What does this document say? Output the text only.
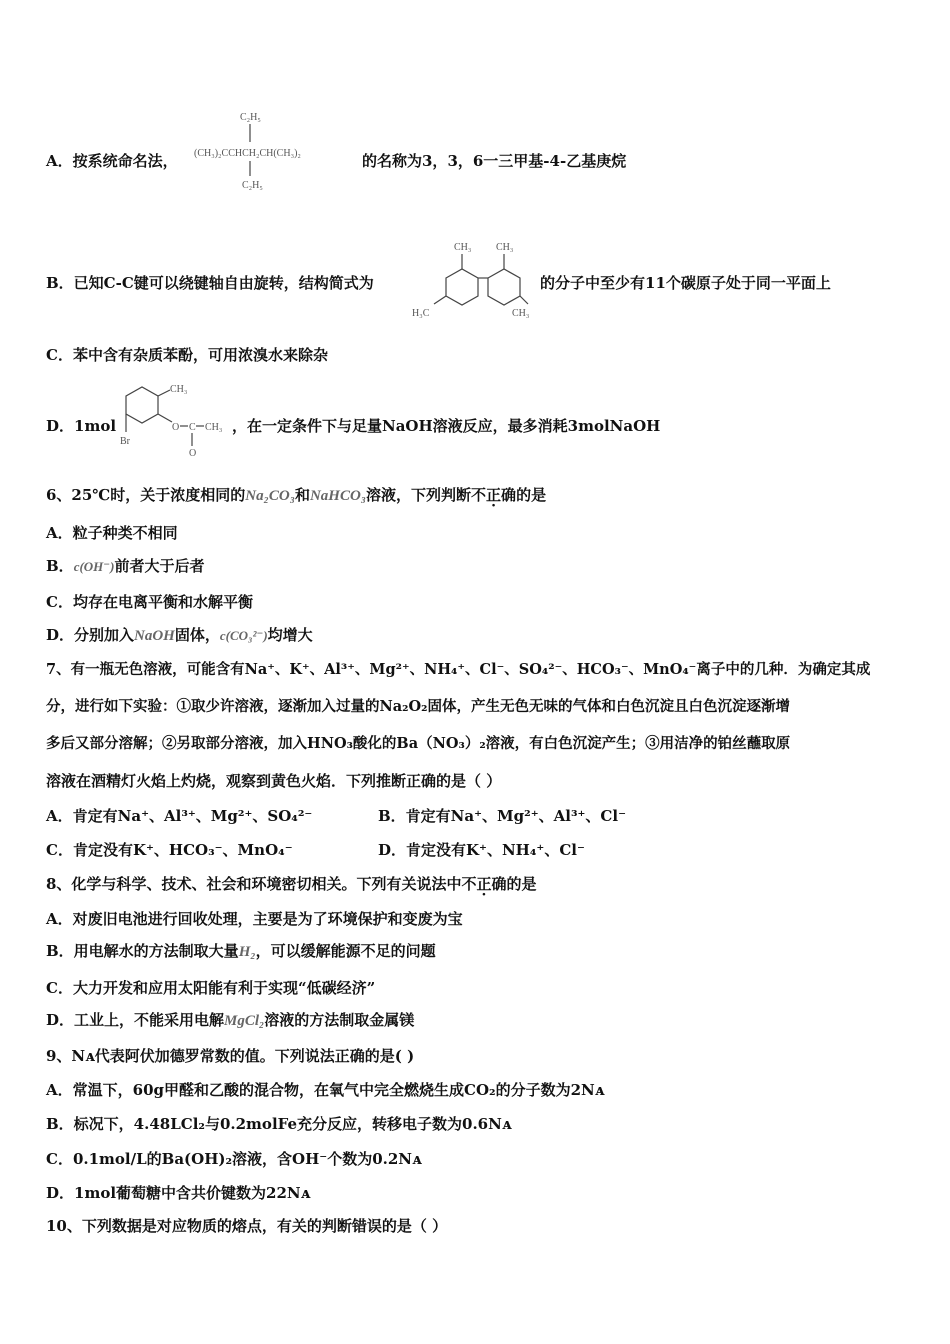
A．按系统命名法，
C₂H₅
(CH₃)₂CCHCH₂CH(CH₃)₂
C₂H₅
的名称为3，3，6一三甲基-4-乙基庚烷
B．已知C-C键可以绕键轴自由旋转，结构简式为
CH₃ CH₃
H₃C	CH₃
的分子中至少有11个碳原子处于同一平面上
C．苯中含有杂质苯酚，可用浓溴水来除杂
D．1mol
CH₃
O C CH₃
O
Br
，在一定条件下与足量NaOH溶液反应，最多消耗3molNaOH
6、25℃时，关于浓度相同的Na₂CO₃和NaHCO₃溶液，下列判断不正确的是
A．粒子种类不相同
B．c(OH⁻)前者大于后者
C．均存在电离平衡和水解平衡
D．分别加入NaOH固体，c(CO₃²⁻)均增大
7、有一瓶无色溶液，可能含有Na⁺、K⁺、Al³⁺、Mg²⁺、NH₄⁺、Cl⁻、SO₄²⁻、HCO₃⁻、MnO₄⁻离子中的几种．为确定其成
分，进行如下实验：①取少许溶液，逐渐加入过量的Na₂O₂固体，产生无色无味的气体和白色沉淀且白色沉淀逐渐增
多后又部分溶解；②另取部分溶液，加入HNO₃酸化的Ba（NO₃）₂溶液，有白色沉淀产生；③用洁净的铂丝蘸取原
溶液在酒精灯火焰上灼烧，观察到黄色火焰．下列推断正确的是（ ）
A．肯定有Na⁺、Al³⁺、Mg²⁺、SO₄²⁻	B．肯定有Na⁺、Mg²⁺、Al³⁺、Cl⁻
C．肯定没有K⁺、HCO₃⁻、MnO₄⁻	D．肯定没有K⁺、NH₄⁺、Cl⁻
8、化学与科学、技术、社会和环境密切相关。下列有关说法中不正确的是
A．对废旧电池进行回收处理，主要是为了环境保护和变废为宝
B．用电解水的方法制取大量H₂，可以缓解能源不足的问题
C．大力开发和应用太阳能有利于实现“低碳经济”
D．工业上，不能采用电解MgCl₂溶液的方法制取金属镁
9、Nᴀ代表阿伏加德罗常数的值。下列说法正确的是( )
A．常温下，60g甲醛和乙酸的混合物，在氧气中完全燃烧生成CO₂的分子数为2Nᴀ
B．标况下，4.48LCl₂与0.2molFe充分反应，转移电子数为0.6Nᴀ
C．0.1mol/L的Ba(OH)₂溶液，含OH⁻个数为0.2Nᴀ
D．1mol葡萄糖中含共价键数为22Nᴀ
10、下列数据是对应物质的熔点，有关的判断错误的是（ ）
